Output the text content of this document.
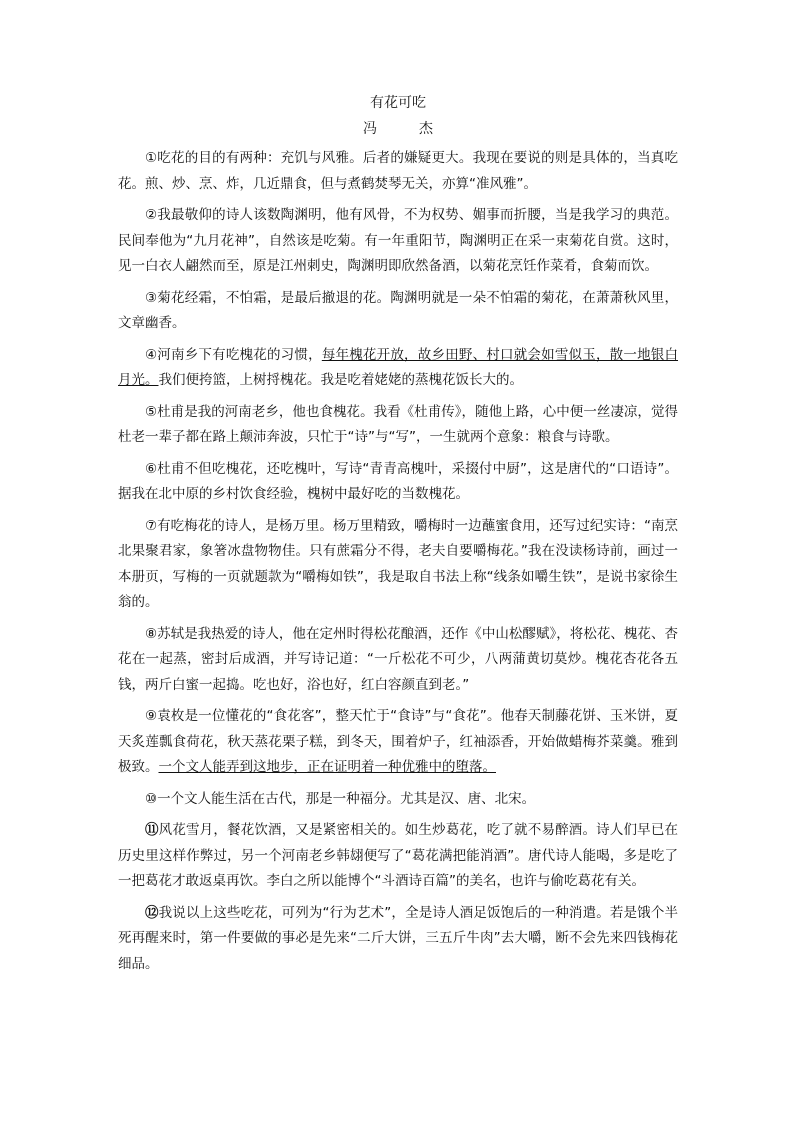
有花可吃

冯　杰

①吃花的目的有两种：充饥与风雅。后者的嫌疑更大。我现在要说的则是具体的，当真吃花。煎、炒、烹、炸，几近鼎食，但与煮鹤焚琴无关，亦算“准风雅”。

②我最敬仰的诗人该数陶渊明，他有风骨，不为权势、媚事而折腰，当是我学习的典范。民间奉他为“九月花神”，自然该是吃菊。有一年重阳节，陶渊明正在采一束菊花自赏。这时，见一白衣人翩然而至，原是江州刺史，陶渊明即欣然备酒，以菊花烹饪作菜肴，食菊而饮。

③菊花经霜，不怕霜，是最后撤退的花。陶渊明就是一朵不怕霜的菊花，在萧萧秋风里，文章幽香。

④河南乡下有吃槐花的习惯，每年槐花开放，故乡田野、村口就会如雪似玉，散一地银白月光。我们便挎篮，上树捋槐花。我是吃着姥姥的蒸槐花饭长大的。

⑤杜甫是我的河南老乡，他也食槐花。我看《杜甫传》，随他上路，心中便一丝凄凉，觉得杜老一辈子都在路上颠沛奔波，只忙于“诗”与“写”，一生就两个意象：粮食与诗歌。

⑥杜甫不但吃槐花，还吃槐叶，写诗“青青高槐叶，采掇付中厨”，这是唐代的“口语诗”。据我在北中原的乡村饮食经验，槐树中最好吃的当数槐花。

⑦有吃梅花的诗人，是杨万里。杨万里精致，嚼梅时一边蘸蜜食用，还写过纪实诗：“南烹北果聚君家，象箸冰盘物物佳。只有蔗霜分不得，老夫自要嚼梅花。”我在没读杨诗前，画过一本册页，写梅的一页就题款为“嚼梅如铁”，我是取自书法上称“线条如嚼生铁”，是说书家徐生翁的。

⑧苏轼是我热爱的诗人，他在定州时得松花酿酒，还作《中山松醪赋》，将松花、槐花、杏花在一起蒸，密封后成酒，并写诗记道：“一斤松花不可少，八两蒲黄切莫炒。槐花杏花各五钱，两斤白蜜一起捣。吃也好，浴也好，红白容颜直到老。”

⑨袁枚是一位懂花的“食花客”，整天忙于“食诗”与“食花”。他春天制藤花饼、玉米饼，夏天炙莲瓢食荷花，秋天蒸花栗子糕，到冬天，围着炉子，红袖添香，开始做蜡梅芥菜羹。雅到极致。一个文人能弄到这地步，正在证明着一种优雅中的堕落。

⑩一个文人能生活在古代，那是一种福分。尤其是汉、唐、北宋。

⑪风花雪月，餐花饮酒，又是紧密相关的。如生炒葛花，吃了就不易醉酒。诗人们早已在历史里这样作弊过，另一个河南老乡韩翃便写了“葛花满把能消酒”。唐代诗人能喝，多是吃了一把葛花才敢返桌再饮。李白之所以能博个“斗酒诗百篇”的美名，也许与偷吃葛花有关。

⑫我说以上这些吃花，可列为“行为艺术”，全是诗人酒足饭饱后的一种消遣。若是饿个半死再醒来时，第一件要做的事必是先来“二斤大饼，三五斤牛肉”去大嚼，断不会先来四钱梅花细品。
